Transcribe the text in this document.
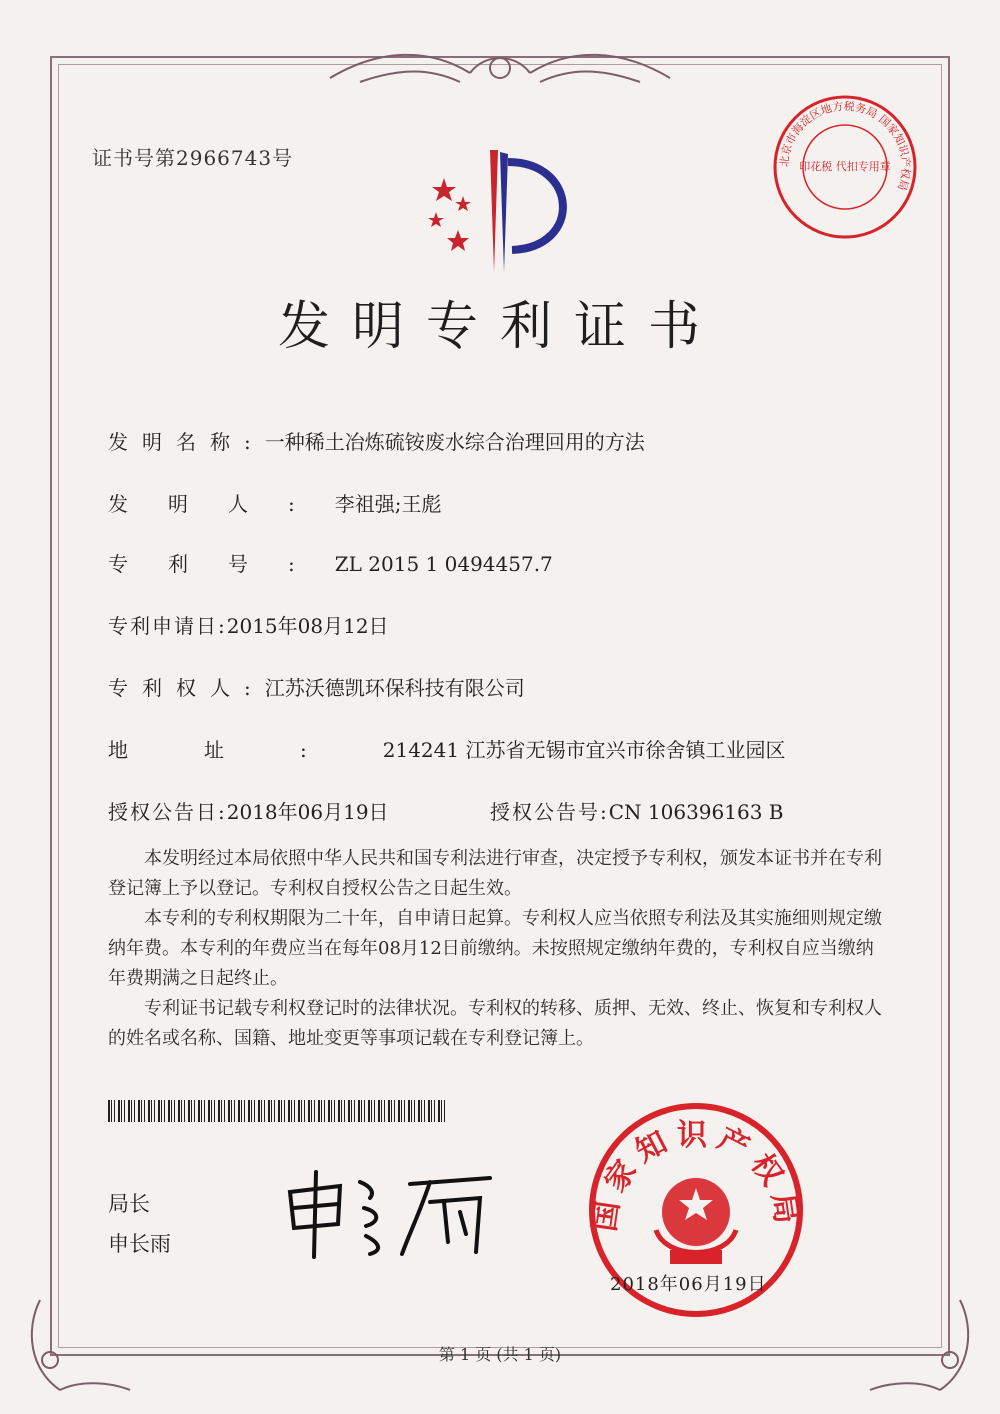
证书号第2966743号
发明专利证书
发明名称:一种稀土冶炼硫铵废水综合治理回用的方法
发明人:李祖强;王彪
专利号:ZL 2015 1 0494457.7
专利申请日:2015年08月12日
专利权人:江苏沃德凯环保科技有限公司
地址:214241 江苏省无锡市宜兴市徐舍镇工业园区
授权公告日:2018年06月19日	授权公告号:CN 106396163 B
本发明经过本局依照中华人民共和国专利法进行审查，决定授予专利权，颁发本证书并在专利登记簿上予以登记。专利权自授权公告之日起生效。
本专利的专利权期限为二十年，自申请日起算。专利权人应当依照专利法及其实施细则规定缴纳年费。本专利的年费应当在每年08月12日前缴纳。未按照规定缴纳年费的，专利权自应当缴纳年费期满之日起终止。
专利证书记载专利权登记时的法律状况。专利权的转移、质押、无效、终止、恢复和专利权人的姓名或名称、国籍、地址变更等事项记载在专利登记簿上。
局长
申长雨
国家知识产权局
2018年06月19日
北京市海淀区地方税务局 国家知识产权局
印花税 代扣专用章
第 1 页 (共 1 页)
